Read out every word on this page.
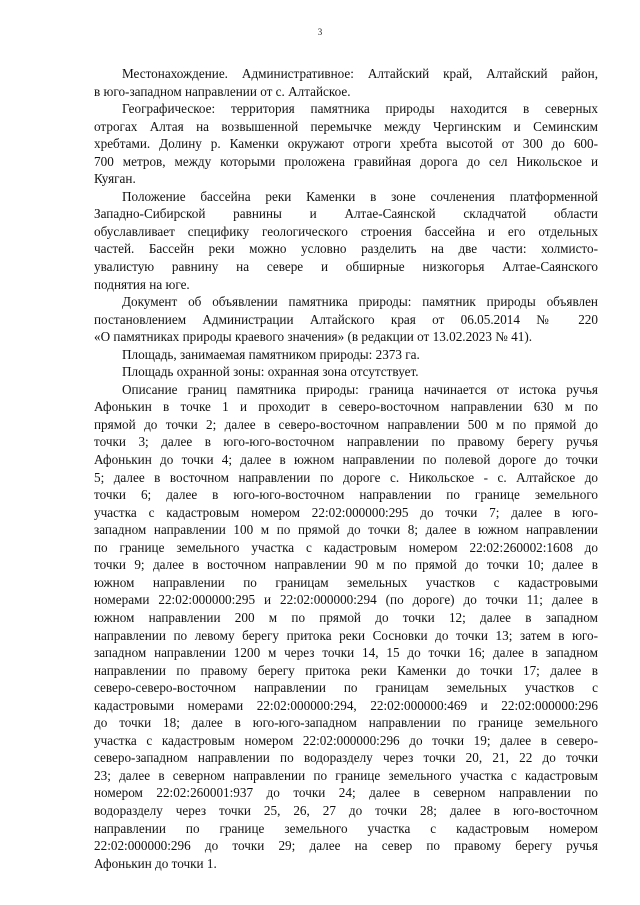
3
Местонахождение. Административное: Алтайский край, Алтайский район,
в юго-западном направлении от с. Алтайское.
Географическое: территория памятника природы находится в северных
отрогах Алтая на возвышенной перемычке между Чергинским и Семинским
хребтами. Долину р. Каменки окружают отроги хребта высотой от 300 до 600-
700 метров, между которыми проложена гравийная дорога до сел Никольское и
Куяган.
Положение бассейна реки Каменки в зоне сочленения платформенной
Западно-Сибирской равнины и Алтае-Саянской складчатой области
обуславливает специфику геологического строения бассейна и его отдельных
частей. Бассейн реки можно условно разделить на две части: холмисто-
увалистую равнину на севере и обширные низкогорья Алтае-Саянского
поднятия на юге.
Документ об объявлении памятника природы: памятник природы объявлен
постановлением Администрации Алтайского края от 06.05.2014 № 220
«О памятниках природы краевого значения» (в редакции от 13.02.2023 № 41).
Площадь, занимаемая памятником природы: 2373 га.
Площадь охранной зоны: охранная зона отсутствует.
Описание границ памятника природы: граница начинается от истока ручья
Афонькин в точке 1 и проходит в северо-восточном направлении 630 м по
прямой до точки 2; далее в северо-восточном направлении 500 м по прямой до
точки 3; далее в юго-юго-восточном направлении по правому берегу ручья
Афонькин до точки 4; далее в южном направлении по полевой дороге до точки
5; далее в восточном направлении по дороге с. Никольское - с. Алтайское до
точки 6; далее в юго-юго-восточном направлении по границе земельного
участка с кадастровым номером 22:02:000000:295 до точки 7; далее в юго-
западном направлении 100 м по прямой до точки 8; далее в южном направлении
по границе земельного участка с кадастровым номером 22:02:260002:1608 до
точки 9; далее в восточном направлении 90 м по прямой до точки 10; далее в
южном направлении по границам земельных участков с кадастровыми
номерами 22:02:000000:295 и 22:02:000000:294 (по дороге) до точки 11; далее в
южном направлении 200 м по прямой до точки 12; далее в западном
направлении по левому берегу притока реки Сосновки до точки 13; затем в юго-
западном направлении 1200 м через точки 14, 15 до точки 16; далее в западном
направлении по правому берегу притока реки Каменки до точки 17; далее в
северо-северо-восточном направлении по границам земельных участков с
кадастровыми номерами 22:02:000000:294, 22:02:000000:469 и 22:02:000000:296
до точки 18; далее в юго-юго-западном направлении по границе земельного
участка с кадастровым номером 22:02:000000:296 до точки 19; далее в северо-
северо-западном направлении по водоразделу через точки 20, 21, 22 до точки
23; далее в северном направлении по границе земельного участка с кадастровым
номером 22:02:260001:937 до точки 24; далее в северном направлении по
водоразделу через точки 25, 26, 27 до точки 28; далее в юго-восточном
направлении по границе земельного участка с кадастровым номером
22:02:000000:296 до точки 29; далее на север по правому берегу ручья
Афонькин до точки 1.
